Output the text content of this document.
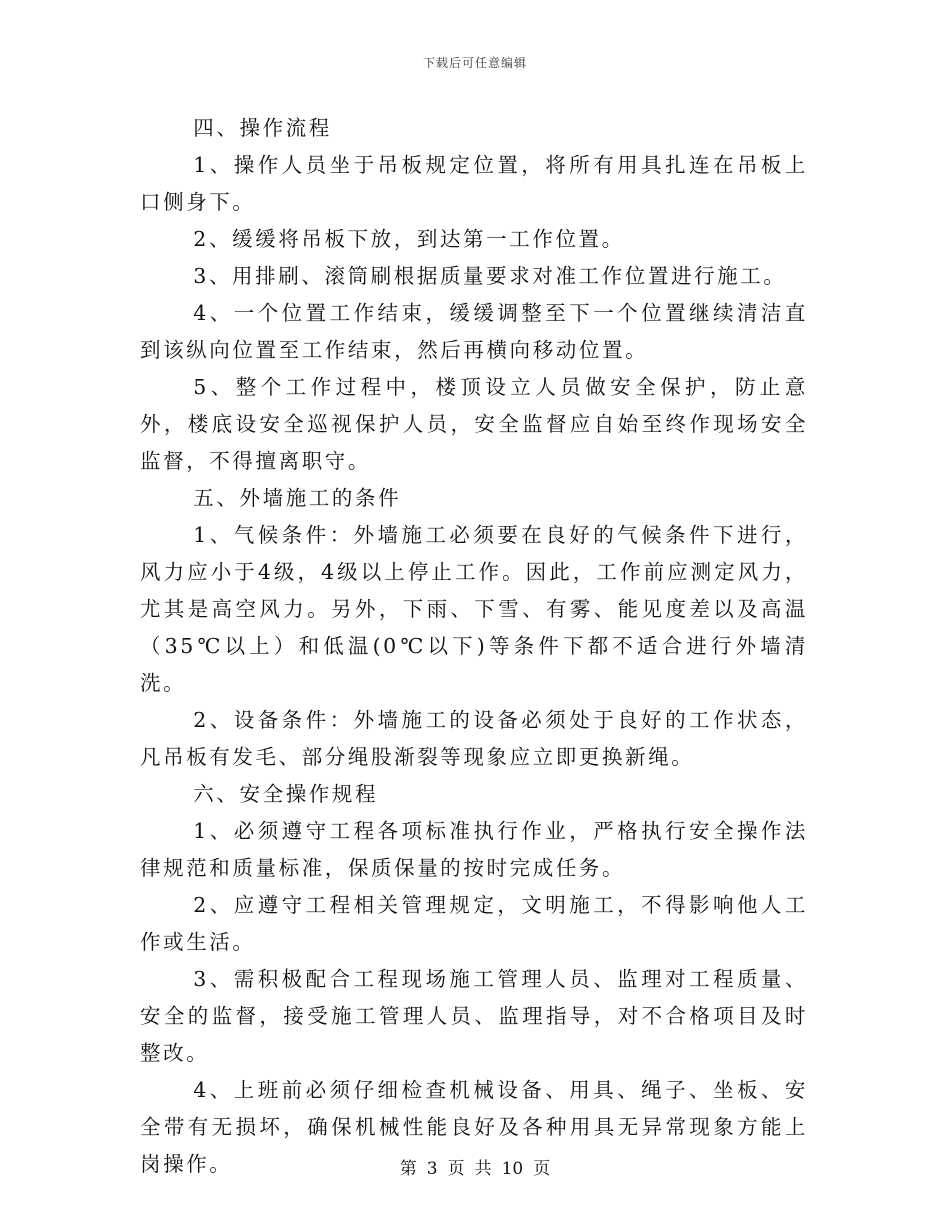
下载后可任意编辑

四、操作流程

1、操作人员坐于吊板规定位置，将所有用具扎连在吊板上口侧身下。

2、缓缓将吊板下放，到达第一工作位置。

3、用排刷、滚筒刷根据质量要求对准工作位置进行施工。

4、一个位置工作结束，缓缓调整至下一个位置继续清洁直到该纵向位置至工作结束，然后再横向移动位置。

5、整个工作过程中，楼顶设立人员做安全保护，防止意外，楼底设安全巡视保护人员，安全监督应自始至终作现场安全监督，不得擅离职守。

五、外墙施工的条件

1、气候条件：外墙施工必须要在良好的气候条件下进行，风力应小于4级，4级以上停止工作。因此，工作前应测定风力，尤其是高空风力。另外，下雨、下雪、有雾、能见度差以及高温（35℃以上）和低温(0℃以下)等条件下都不适合进行外墙清洗。

2、设备条件：外墙施工的设备必须处于良好的工作状态，凡吊板有发毛、部分绳股渐裂等现象应立即更换新绳。

六、安全操作规程

1、必须遵守工程各项标准执行作业，严格执行安全操作法律规范和质量标准，保质保量的按时完成任务。

2、应遵守工程相关管理规定，文明施工，不得影响他人工作或生活。

3、需积极配合工程现场施工管理人员、监理对工程质量、安全的监督，接受施工管理人员、监理指导，对不合格项目及时整改。

4、上班前必须仔细检查机械设备、用具、绳子、坐板、安全带有无损坏，确保机械性能良好及各种用具无异常现象方能上岗操作。	第 3 页 共 10 页
